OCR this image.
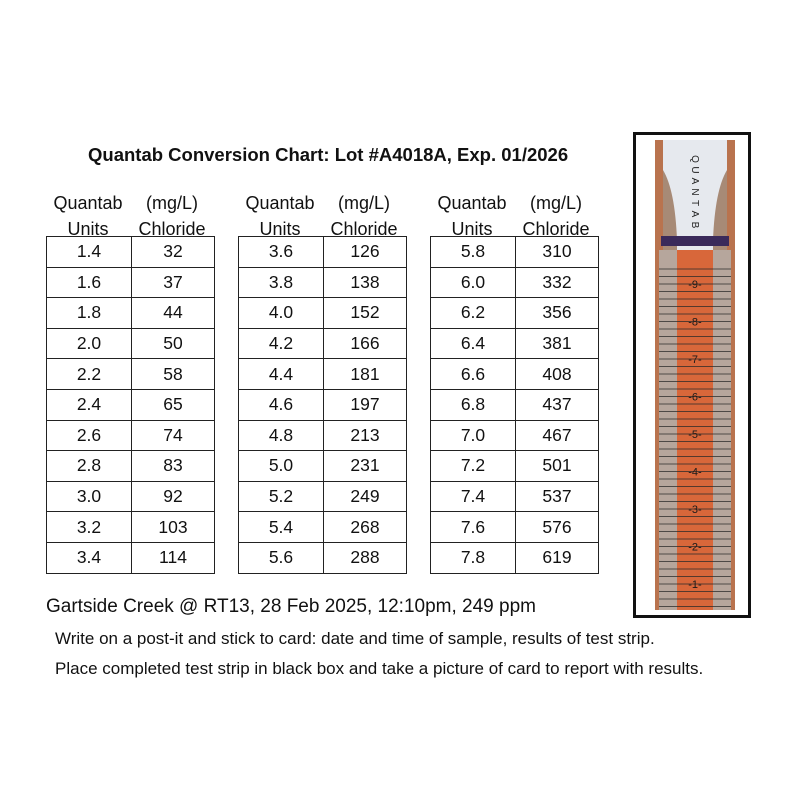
Quantab Conversion Chart: Lot #A4018A, Exp. 01/2026
Quantab
Units
(mg/L)
Chloride
Quantab
Units
(mg/L)
Chloride
Quantab
Units
(mg/L)
Chloride
1.4	32
1.6	37
1.8	44
2.0	50
2.2	58
2.4	65
2.6	74
2.8	83
3.0	92
3.2	103
3.4	114
3.6	126
3.8	138
4.0	152
4.2	166
4.4	181
4.6	197
4.8	213
5.0	231
5.2	249
5.4	268
5.6	288
5.8	310
6.0	332
6.2	356
6.4	381
6.6	408
6.8	437
7.0	467
7.2	501
7.4	537
7.6	576
7.8	619
Gartside Creek @ RT13, 28 Feb 2025, 12:10pm, 249 ppm
Write on a post-it and stick to card: date and time of sample, results of test strip.
Place completed test strip in black box and take a picture of card to report with results.
Q
U
A
N
T
A
B
-9-
-8-
-7-
-6-
-5-
-4-
-3-
-2-
-1-
